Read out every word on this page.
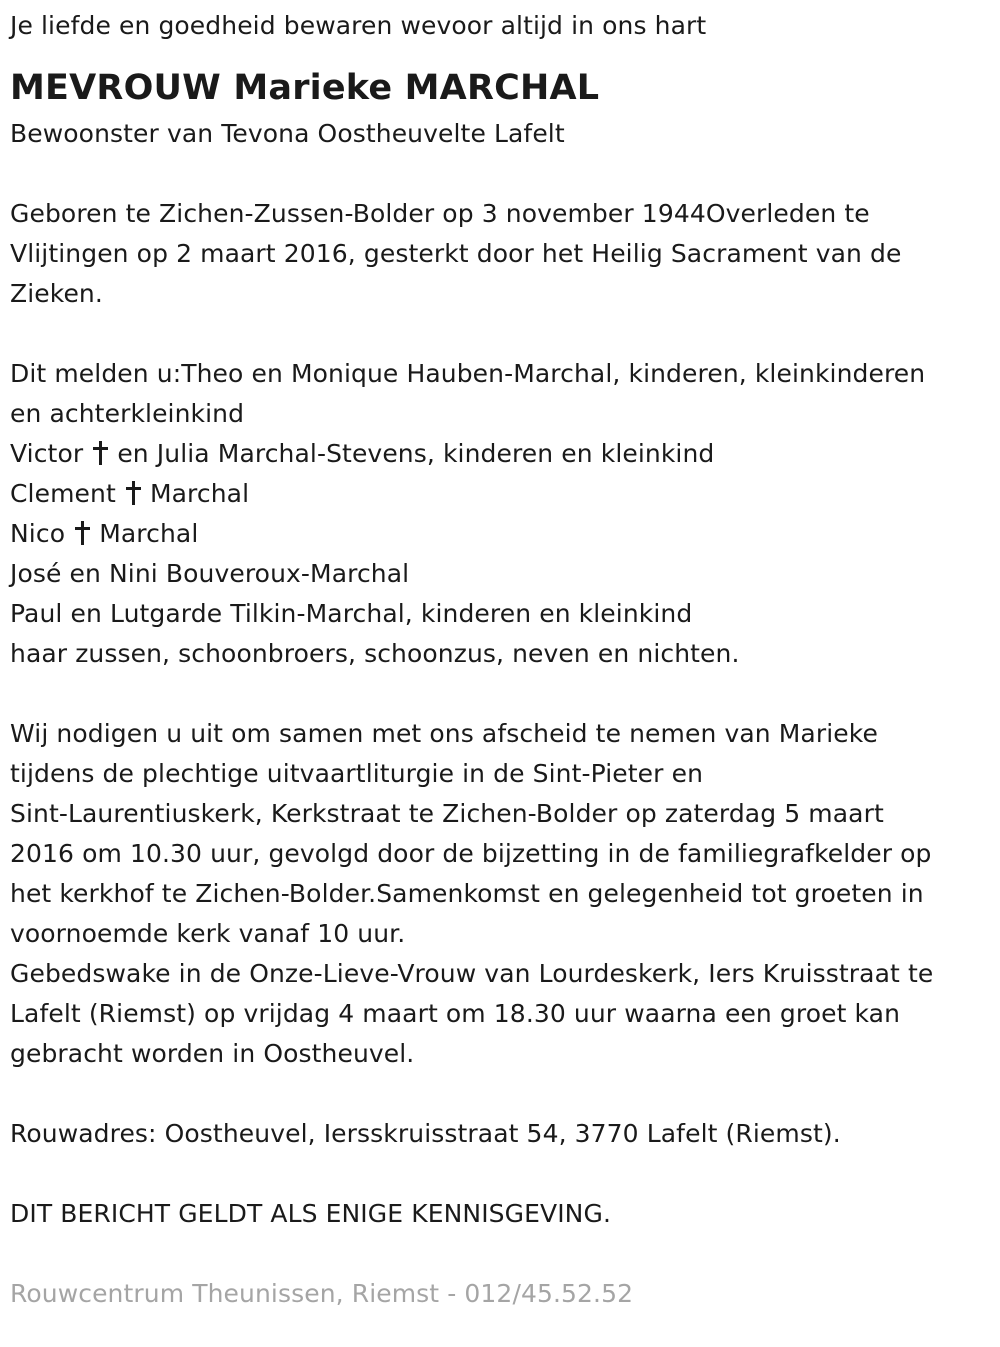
Je liefde en goedheid bewaren wevoor altijd in ons hart
MEVROUW Marieke MARCHAL
Bewoonster van Tevona Oostheuvelte Lafelt
Geboren te Zichen-Zussen-Bolder op 3 november 1944Overleden te
Vlijtingen op 2 maart 2016, gesterkt door het Heilig Sacrament van de
Zieken.
Dit melden u:Theo en Monique Hauben-Marchal, kinderen, kleinkinderen
en achterkleinkind
Victor en Julia Marchal-Stevens, kinderen en kleinkind
Clement Marchal
Nico Marchal
José en Nini Bouveroux-Marchal
Paul en Lutgarde Tilkin-Marchal, kinderen en kleinkind
haar zussen, schoonbroers, schoonzus, neven en nichten.
Wij nodigen u uit om samen met ons afscheid te nemen van Marieke
tijdens de plechtige uitvaartliturgie in de Sint-Pieter en
Sint-Laurentiuskerk, Kerkstraat te Zichen-Bolder op zaterdag 5 maart
2016 om 10.30 uur, gevolgd door de bijzetting in de familiegrafkelder op
het kerkhof te Zichen-Bolder.Samenkomst en gelegenheid tot groeten in
voornoemde kerk vanaf 10 uur.
Gebedswake in de Onze-Lieve-Vrouw van Lourdeskerk, Iers Kruisstraat te
Lafelt (Riemst) op vrijdag 4 maart om 18.30 uur waarna een groet kan
gebracht worden in Oostheuvel.
Rouwadres: Oostheuvel, Iersskruisstraat 54, 3770 Lafelt (Riemst).
DIT BERICHT GELDT ALS ENIGE KENNISGEVING.
Rouwcentrum Theunissen, Riemst - 012/45.52.52
